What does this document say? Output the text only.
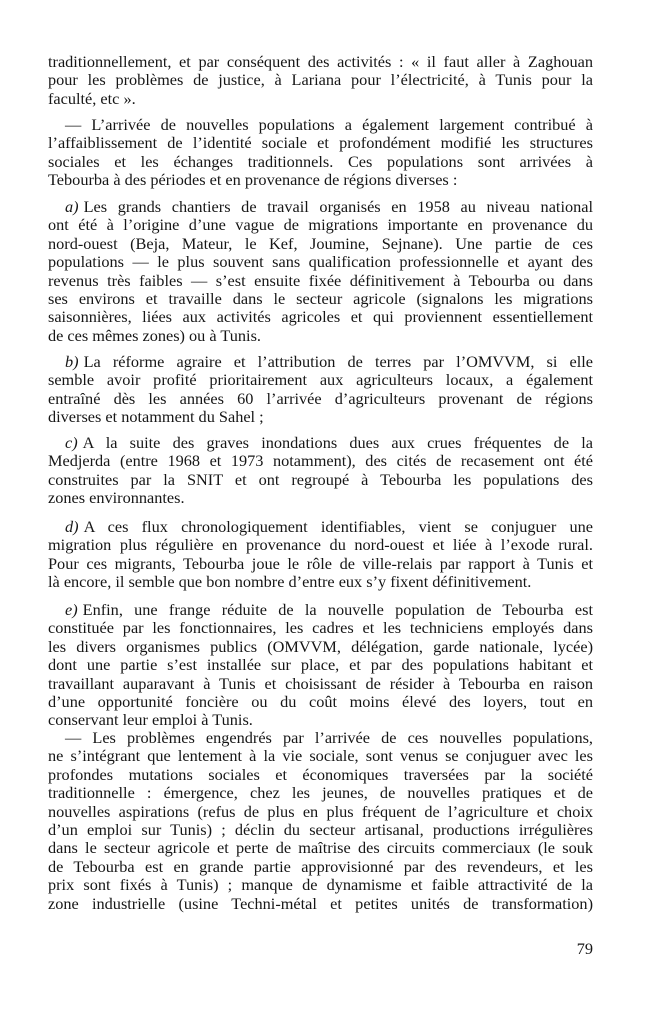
traditionnellement, et par conséquent des activités : « il faut aller à Zaghouan
pour les problèmes de justice, à Lariana pour l’électricité, à Tunis pour la
faculté, etc ».
— L’arrivée de nouvelles populations a également largement contribué à
l’affaiblissement de l’identité sociale et profondément modifié les structures
sociales et les échanges traditionnels. Ces populations sont arrivées à
Tebourba à des périodes et en provenance de régions diverses :
a) Les grands chantiers de travail organisés en 1958 au niveau national
ont été à l’origine d’une vague de migrations importante en provenance du
nord-ouest (Beja, Mateur, le Kef, Joumine, Sejnane). Une partie de ces
populations — le plus souvent sans qualification professionnelle et ayant des
revenus très faibles — s’est ensuite fixée définitivement à Tebourba ou dans
ses environs et travaille dans le secteur agricole (signalons les migrations
saisonnières, liées aux activités agricoles et qui proviennent essentiellement
de ces mêmes zones) ou à Tunis.
b) La réforme agraire et l’attribution de terres par l’OMVVM, si elle
semble avoir profité prioritairement aux agriculteurs locaux, a également
entraîné dès les années 60 l’arrivée d’agriculteurs provenant de régions
diverses et notamment du Sahel ;
c) A la suite des graves inondations dues aux crues fréquentes de la
Medjerda (entre 1968 et 1973 notamment), des cités de recasement ont été
construites par la SNIT et ont regroupé à Tebourba les populations des
zones environnantes.
d) A ces flux chronologiquement identifiables, vient se conjuguer une
migration plus régulière en provenance du nord-ouest et liée à l’exode rural.
Pour ces migrants, Tebourba joue le rôle de ville-relais par rapport à Tunis et
là encore, il semble que bon nombre d’entre eux s’y fixent définitivement.
e) Enfin, une frange réduite de la nouvelle population de Tebourba est
constituée par les fonctionnaires, les cadres et les techniciens employés dans
les divers organismes publics (OMVVM, délégation, garde nationale, lycée)
dont une partie s’est installée sur place, et par des populations habitant et
travaillant auparavant à Tunis et choisissant de résider à Tebourba en raison
d’une opportunité foncière ou du coût moins élevé des loyers, tout en
conservant leur emploi à Tunis.
— Les problèmes engendrés par l’arrivée de ces nouvelles populations,
ne s’intégrant que lentement à la vie sociale, sont venus se conjuguer avec les
profondes mutations sociales et économiques traversées par la société
traditionnelle : émergence, chez les jeunes, de nouvelles pratiques et de
nouvelles aspirations (refus de plus en plus fréquent de l’agriculture et choix
d’un emploi sur Tunis) ; déclin du secteur artisanal, productions irrégulières
dans le secteur agricole et perte de maîtrise des circuits commerciaux (le souk
de Tebourba est en grande partie approvisionné par des revendeurs, et les
prix sont fixés à Tunis) ; manque de dynamisme et faible attractivité de la
zone industrielle (usine Techni-métal et petites unités de transformation)
79
